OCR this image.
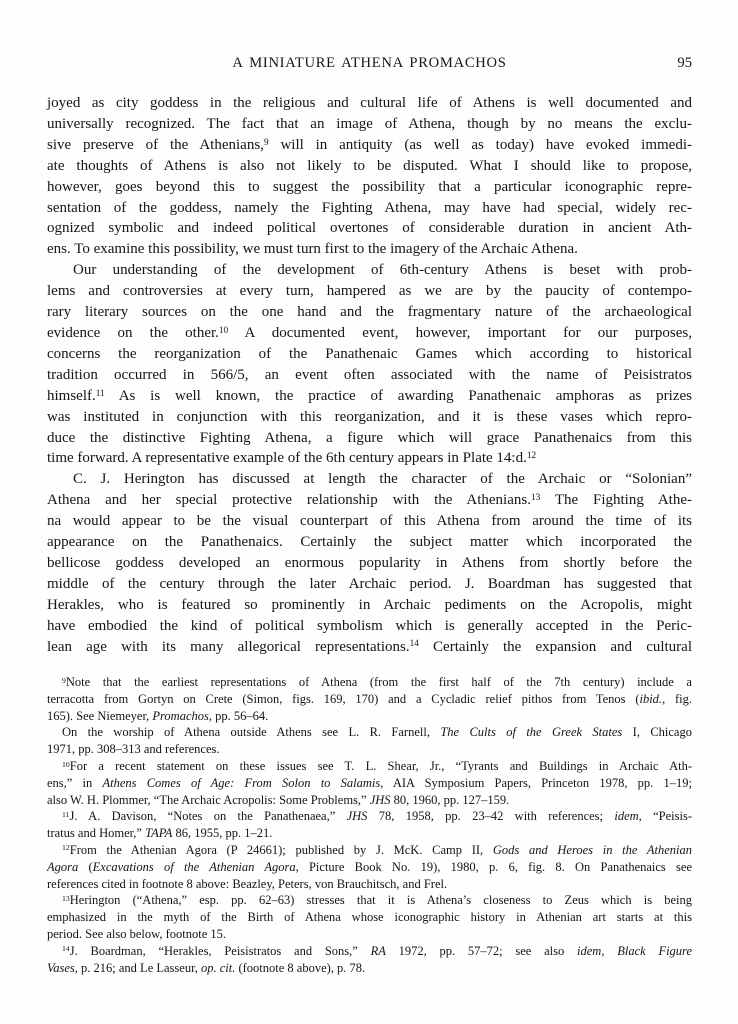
A MINIATURE ATHENA PROMACHOS	95
joyed as city goddess in the religious and cultural life of Athens is well documented and
universally recognized. The fact that an image of Athena, though by no means the exclu-
sive preserve of the Athenians,$^9$ will in antiquity (as well as today) have evoked immedi-
ate thoughts of Athens is also not likely to be disputed. What I should like to propose,
however, goes beyond this to suggest the possibility that a particular iconographic repre-
sentation of the goddess, namely the Fighting Athena, may have had special, widely rec-
ognized symbolic and indeed political overtones of considerable duration in ancient Ath-
ens. To examine this possibility, we must turn first to the imagery of the Archaic Athena.
Our understanding of the development of 6th-century Athens is beset with prob-
lems and controversies at every turn, hampered as we are by the paucity of contempo-
rary literary sources on the one hand and the fragmentary nature of the archaeological
evidence on the other.$^{10}$ A documented event, however, important for our purposes,
concerns the reorganization of the Panathenaic Games which according to historical
tradition occurred in 566/5, an event often associated with the name of Peisistratos
himself.$^{11}$ As is well known, the practice of awarding Panathenaic amphoras as prizes
was instituted in conjunction with this reorganization, and it is these vases which repro-
duce the distinctive Fighting Athena, a figure which will grace Panathenaics from this
time forward. A representative example of the 6th century appears in Plate 14:d.$^{12}$
C. J. Herington has discussed at length the character of the Archaic or “Solonian”
Athena and her special protective relationship with the Athenians.$^{13}$ The Fighting Athe-
na would appear to be the visual counterpart of this Athena from around the time of its
appearance on the Panathenaics. Certainly the subject matter which incorporated the
bellicose goddess developed an enormous popularity in Athens from shortly before the
middle of the century through the later Archaic period. J. Boardman has suggested that
Herakles, who is featured so prominently in Archaic pediments on the Acropolis, might
have embodied the kind of political symbolism which is generally accepted in the Peric-
lean age with its many allegorical representations.$^{14}$ Certainly the expansion and cultural
$^9$Note that the earliest representations of Athena (from the first half of the 7th century) include a
terracotta from Gortyn on Crete (Simon, figs. 169, 170) and a Cycladic relief pithos from Tenos (ibid., fig.
165). See Niemeyer, Promachos, pp. 56–64.
On the worship of Athena outside Athens see L. R. Farnell, The Cults of the Greek States I, Chicago
1971, pp. 308–313 and references.
$^{10}$For a recent statement on these issues see T. L. Shear, Jr., “Tyrants and Buildings in Archaic Ath-
ens,” in Athens Comes of Age: From Solon to Salamis, AIA Symposium Papers, Princeton 1978, pp. 1–19;
also W. H. Plommer, “The Archaic Acropolis: Some Problems,” JHS 80, 1960, pp. 127–159.
$^{11}$J. A. Davison, “Notes on the Panathenaea,” JHS 78, 1958, pp. 23–42 with references; idem, “Peisis-
tratus and Homer,” TAPA 86, 1955, pp. 1–21.
$^{12}$From the Athenian Agora (P 24661); published by J. McK. Camp II, Gods and Heroes in the Athenian
Agora (Excavations of the Athenian Agora, Picture Book No. 19), 1980, p. 6, fig. 8. On Panathenaics see
references cited in footnote 8 above: Beazley, Peters, von Brauchitsch, and Frel.
$^{13}$Herington (“Athena,” esp. pp. 62–63) stresses that it is Athena’s closeness to Zeus which is being
emphasized in the myth of the Birth of Athena whose iconographic history in Athenian art starts at this
period. See also below, footnote 15.
$^{14}$J. Boardman, “Herakles, Peisistratos and Sons,” RA 1972, pp. 57–72; see also idem, Black Figure
Vases, p. 216; and Le Lasseur, op. cit. (footnote 8 above), p. 78.
